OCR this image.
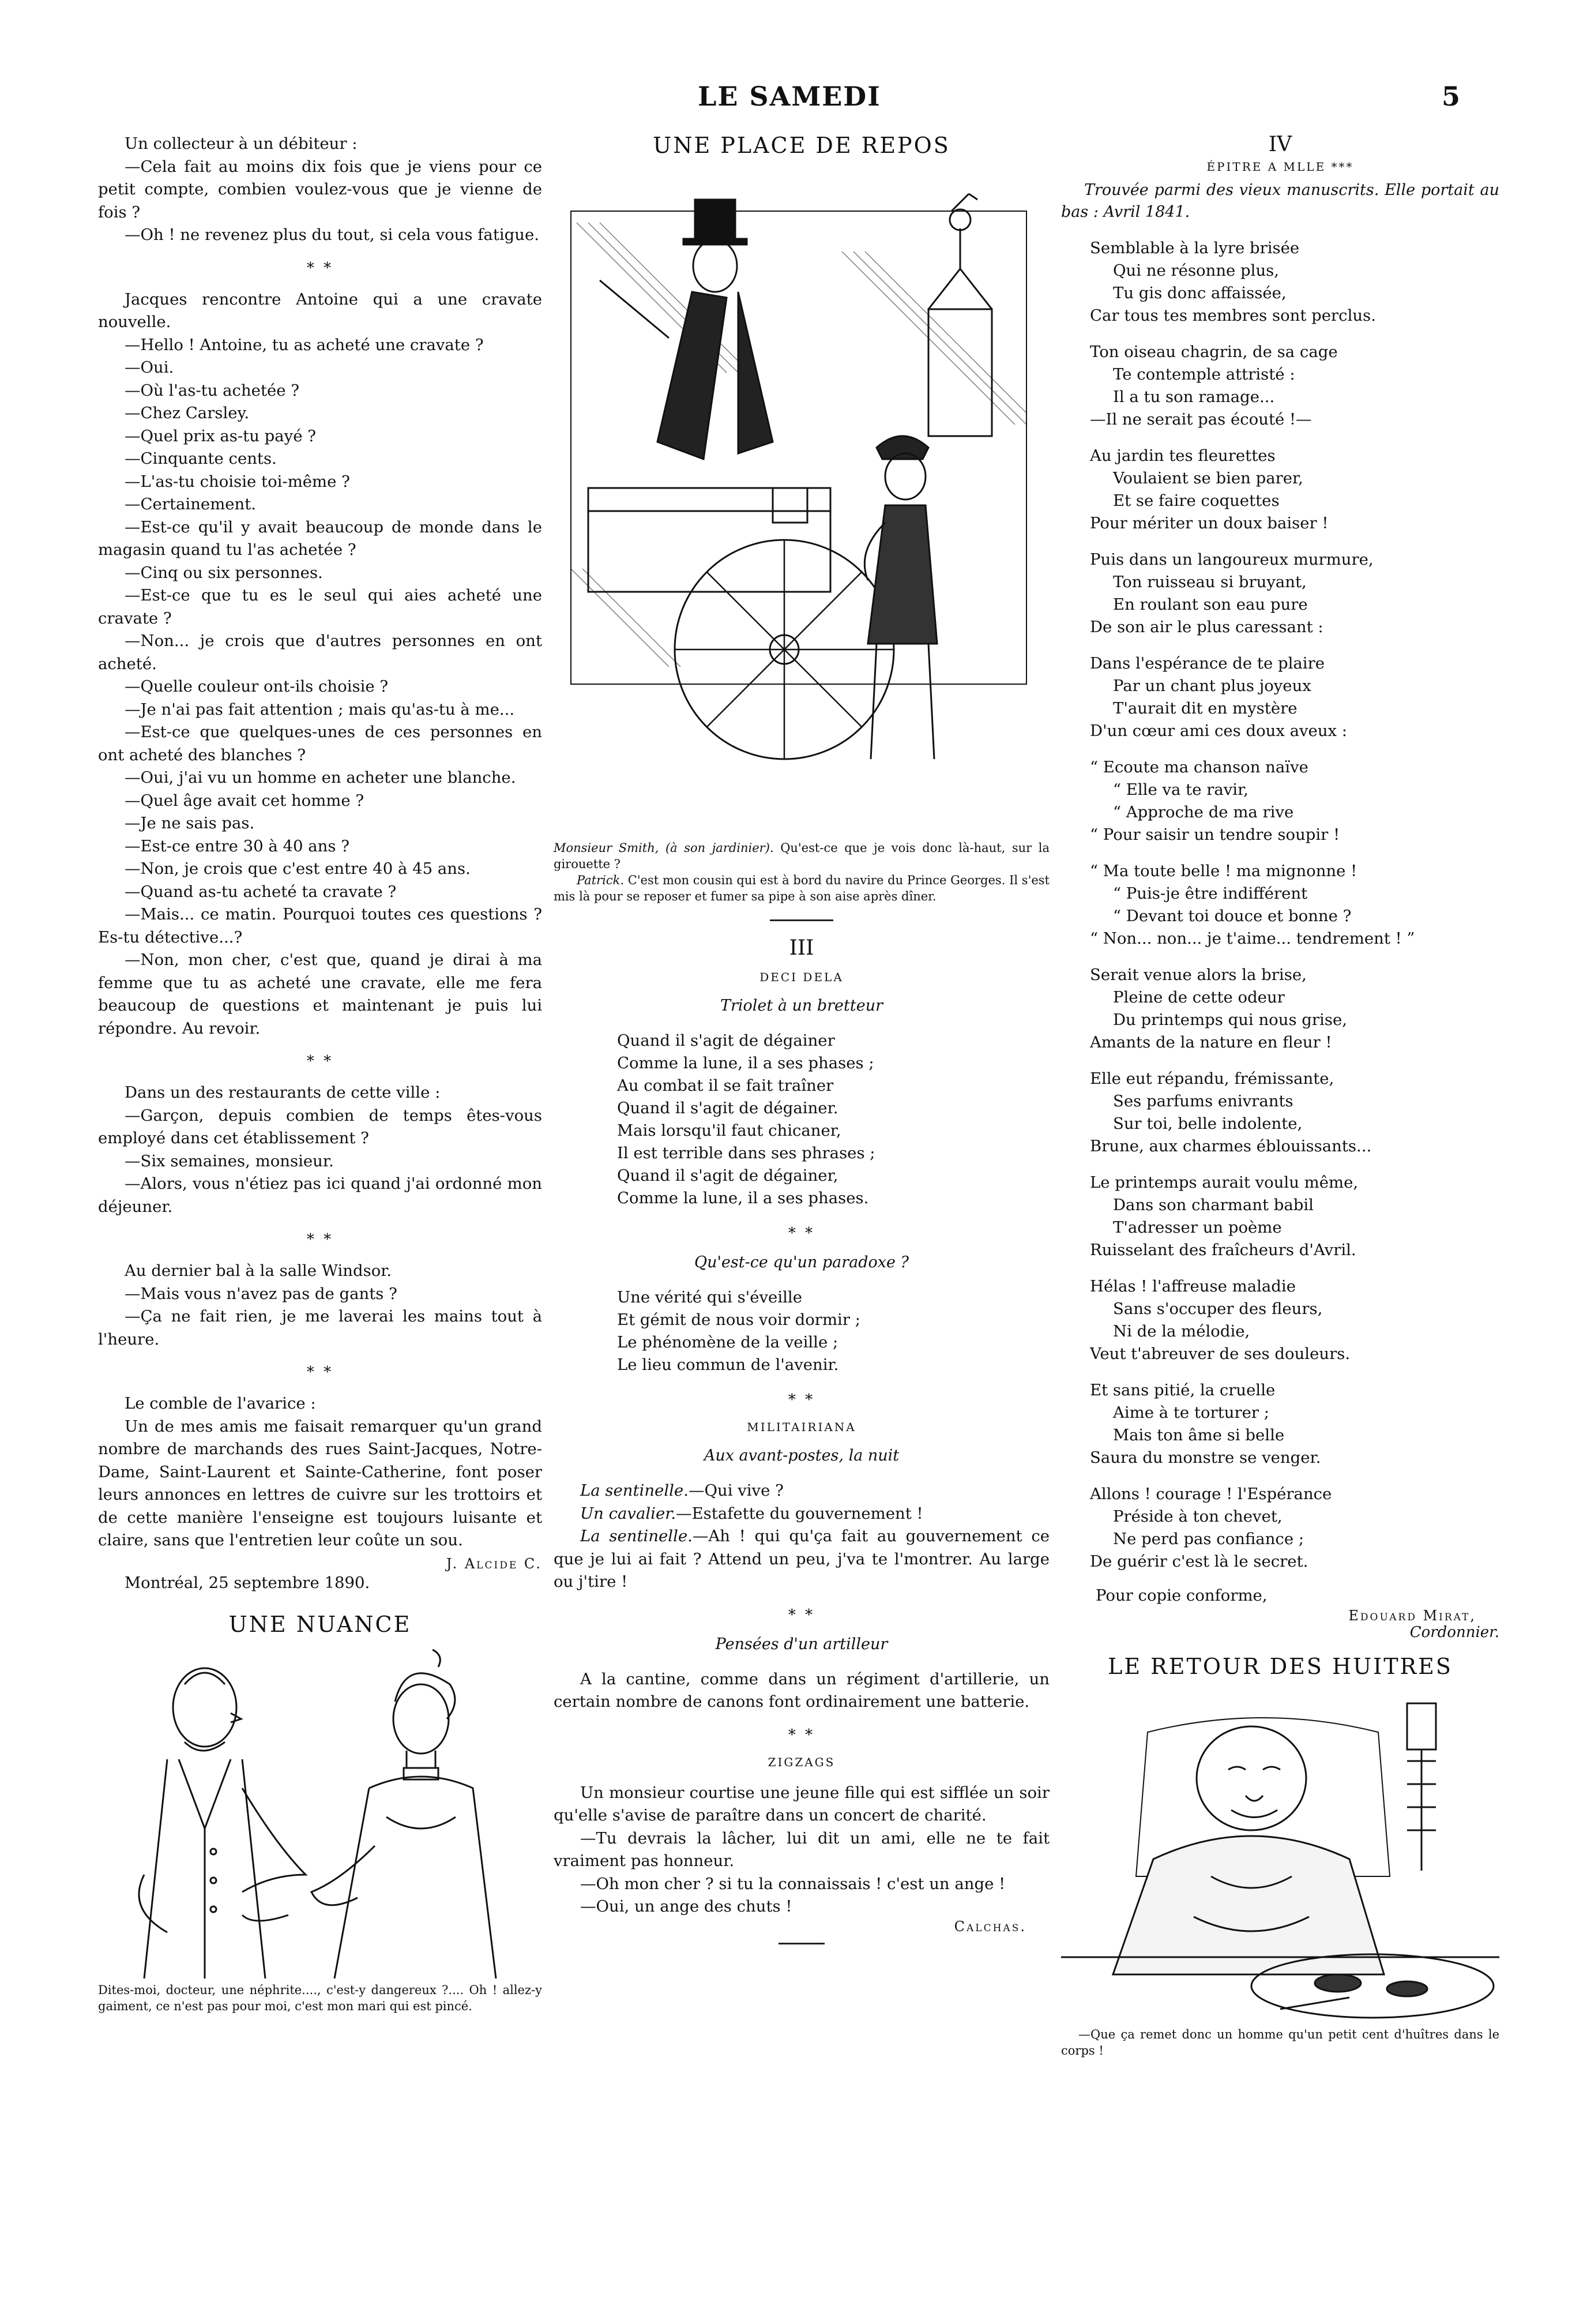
LE SAMEDI	5

Un collecteur à un débiteur :

—Cela fait au moins dix fois que je viens pour ce petit compte, combien voulez-vous que je vienne de fois ?

—Oh ! ne revenez plus du tout, si cela vous fatigue.

* *

Jacques rencontre Antoine qui a une cravate nouvelle.

—Hello ! Antoine, tu as acheté une cravate ?

—Oui.

—Où l'as-tu achetée ?

—Chez Carsley.

—Quel prix as-tu payé ?

—Cinquante cents.

—L'as-tu choisie toi-même ?

—Certainement.

—Est-ce qu'il y avait beaucoup de monde dans le magasin quand tu l'as achetée ?

—Cinq ou six personnes.

—Est-ce que tu es le seul qui aies acheté une cravate ?

—Non... je crois que d'autres personnes en ont acheté.

—Quelle couleur ont-ils choisie ?

—Je n'ai pas fait attention ; mais qu'as-tu à me...

—Est-ce que quelques-unes de ces personnes en ont acheté des blanches ?

—Oui, j'ai vu un homme en acheter une blanche.

—Quel âge avait cet homme ?

—Je ne sais pas.

—Est-ce entre 30 à 40 ans ?

—Non, je crois que c'est entre 40 à 45 ans.

—Quand as-tu acheté ta cravate ?

—Mais... ce matin. Pourquoi toutes ces questions ? Es-tu détective...?

—Non, mon cher, c'est que, quand je dirai à ma femme que tu as acheté une cravate, elle me fera beaucoup de questions et maintenant je puis lui répondre. Au revoir.

* *

Dans un des restaurants de cette ville :

—Garçon, depuis combien de temps êtes-vous employé dans cet établissement ?

—Six semaines, monsieur.

—Alors, vous n'étiez pas ici quand j'ai ordonné mon déjeuner.

* *

Au dernier bal à la salle Windsor.

—Mais vous n'avez pas de gants ?

—Ça ne fait rien, je me laverai les mains tout à l'heure.

* *

Le comble de l'avarice :

Un de mes amis me faisait remarquer qu'un grand nombre de marchands des rues Saint-Jacques, Notre-Dame, Saint-Laurent et Sainte-Catherine, font poser leurs annonces en lettres de cuivre sur les trottoirs et de cette manière l'enseigne est toujours luisante et claire, sans que l'entretien leur coûte un sou.

J. Alcide C.

Montréal, 25 septembre 1890.

UNE NUANCE

Dites-moi, docteur, une néphrite...., c'est-y dangereux ?.... Oh ! allez-y gaiment, ce n'est pas pour moi, c'est mon mari qui est pincé.

UNE PLACE DE REPOS

Monsieur Smith, (à son jardinier). Qu'est-ce que je vois donc là-haut, sur la girouette ?

Patrick. C'est mon cousin qui est à bord du navire du Prince Georges. Il s'est mis là pour se reposer et fumer sa pipe à son aise après dîner.

III
DECI DELA
Triolet à un bretteur
Quand il s'agit de dégainer
Comme la lune, il a ses phases ;
Au combat il se fait traîner
Quand il s'agit de dégainer.
Mais lorsqu'il faut chicaner,
Il est terrible dans ses phrases ;
Quand il s'agit de dégainer,
Comme la lune, il a ses phases.
* *
Qu'est-ce qu'un paradoxe ?
Une vérité qui s'éveille
Et gémit de nous voir dormir ;
Le phénomène de la veille ;
Le lieu commun de l'avenir.
* *
MILITAIRIANA
Aux avant-postes, la nuit

La sentinelle.—Qui vive ?

Un cavalier.—Estafette du gouvernement !

La sentinelle.—Ah ! qui qu'ça fait au gouvernement ce que je lui ai fait ? Attend un peu, j'va te l'montrer. Au large ou j'tire !

* *
Pensées d'un artilleur

A la cantine, comme dans un régiment d'artillerie, un certain nombre de canons font ordinairement une batterie.

* *
ZIGZAGS

Un monsieur courtise une jeune fille qui est sifflée un soir qu'elle s'avise de paraître dans un concert de charité.

—Tu devrais la lâcher, lui dit un ami, elle ne te fait vraiment pas honneur.

—Oh mon cher ? si tu la connaissais ! c'est un ange !

—Oui, un ange des chuts !

Calchas.

IV
ÉPITRE A MLLE ***

Trouvée parmi des vieux manuscrits. Elle portait au bas : Avril 1841.

Semblable à la lyre brisée
Qui ne résonne plus,
Tu gis donc affaissée,
Car tous tes membres sont perclus.
Ton oiseau chagrin, de sa cage
Te contemple attristé :
Il a tu son ramage...
—Il ne serait pas écouté !—
Au jardin tes fleurettes
Voulaient se bien parer,
Et se faire coquettes
Pour mériter un doux baiser !
Puis dans un langoureux murmure,
Ton ruisseau si bruyant,
En roulant son eau pure
De son air le plus caressant :
Dans l'espérance de te plaire
Par un chant plus joyeux
T'aurait dit en mystère
D'un cœur ami ces doux aveux :
“ Ecoute ma chanson naïve
“ Elle va te ravir,
“ Approche de ma rive
“ Pour saisir un tendre soupir !
“ Ma toute belle ! ma mignonne !
“ Puis-je être indifférent
“ Devant toi douce et bonne ?
“ Non... non... je t'aime... tendrement ! ”
Serait venue alors la brise,
Pleine de cette odeur
Du printemps qui nous grise,
Amants de la nature en fleur !
Elle eut répandu, frémissante,
Ses parfums enivrants
Sur toi, belle indolente,
Brune, aux charmes éblouissants...
Le printemps aurait voulu même,
Dans son charmant babil
T'adresser un poème
Ruisselant des fraîcheurs d'Avril.
Hélas ! l'affreuse maladie
Sans s'occuper des fleurs,
Ni de la mélodie,
Veut t'abreuver de ses douleurs.
Et sans pitié, la cruelle
Aime à te torturer ;
Mais ton âme si belle
Saura du monstre se venger.
Allons ! courage ! l'Espérance
Préside à ton chevet,
Ne perd pas confiance ;
De guérir c'est là le secret.

Pour copie conforme,

Edouard Mirat,

Cordonnier.

LE RETOUR DES HUITRES

—Que ça remet donc un homme qu'un petit cent d'huîtres dans le corps !
